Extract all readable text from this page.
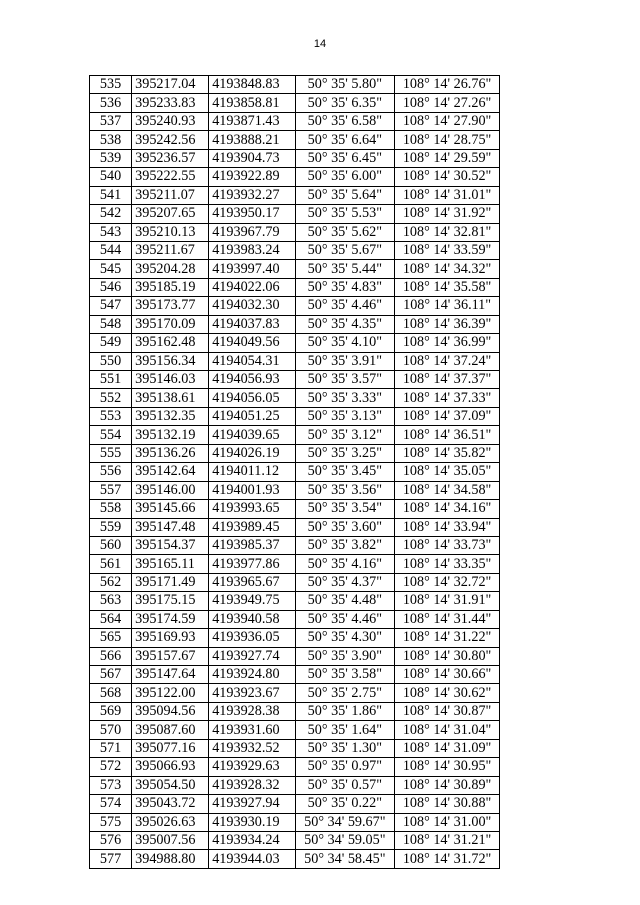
14
535	395217.04	4193848.83	50° 35' 5.80"	108° 14' 26.76"
536	395233.83	4193858.81	50° 35' 6.35"	108° 14' 27.26"
537	395240.93	4193871.43	50° 35' 6.58"	108° 14' 27.90"
538	395242.56	4193888.21	50° 35' 6.64"	108° 14' 28.75"
539	395236.57	4193904.73	50° 35' 6.45"	108° 14' 29.59"
540	395222.55	4193922.89	50° 35' 6.00"	108° 14' 30.52"
541	395211.07	4193932.27	50° 35' 5.64"	108° 14' 31.01"
542	395207.65	4193950.17	50° 35' 5.53"	108° 14' 31.92"
543	395210.13	4193967.79	50° 35' 5.62"	108° 14' 32.81"
544	395211.67	4193983.24	50° 35' 5.67"	108° 14' 33.59"
545	395204.28	4193997.40	50° 35' 5.44"	108° 14' 34.32"
546	395185.19	4194022.06	50° 35' 4.83"	108° 14' 35.58"
547	395173.77	4194032.30	50° 35' 4.46"	108° 14' 36.11"
548	395170.09	4194037.83	50° 35' 4.35"	108° 14' 36.39"
549	395162.48	4194049.56	50° 35' 4.10"	108° 14' 36.99"
550	395156.34	4194054.31	50° 35' 3.91"	108° 14' 37.24"
551	395146.03	4194056.93	50° 35' 3.57"	108° 14' 37.37"
552	395138.61	4194056.05	50° 35' 3.33"	108° 14' 37.33"
553	395132.35	4194051.25	50° 35' 3.13"	108° 14' 37.09"
554	395132.19	4194039.65	50° 35' 3.12"	108° 14' 36.51"
555	395136.26	4194026.19	50° 35' 3.25"	108° 14' 35.82"
556	395142.64	4194011.12	50° 35' 3.45"	108° 14' 35.05"
557	395146.00	4194001.93	50° 35' 3.56"	108° 14' 34.58"
558	395145.66	4193993.65	50° 35' 3.54"	108° 14' 34.16"
559	395147.48	4193989.45	50° 35' 3.60"	108° 14' 33.94"
560	395154.37	4193985.37	50° 35' 3.82"	108° 14' 33.73"
561	395165.11	4193977.86	50° 35' 4.16"	108° 14' 33.35"
562	395171.49	4193965.67	50° 35' 4.37"	108° 14' 32.72"
563	395175.15	4193949.75	50° 35' 4.48"	108° 14' 31.91"
564	395174.59	4193940.58	50° 35' 4.46"	108° 14' 31.44"
565	395169.93	4193936.05	50° 35' 4.30"	108° 14' 31.22"
566	395157.67	4193927.74	50° 35' 3.90"	108° 14' 30.80"
567	395147.64	4193924.80	50° 35' 3.58"	108° 14' 30.66"
568	395122.00	4193923.67	50° 35' 2.75"	108° 14' 30.62"
569	395094.56	4193928.38	50° 35' 1.86"	108° 14' 30.87"
570	395087.60	4193931.60	50° 35' 1.64"	108° 14' 31.04"
571	395077.16	4193932.52	50° 35' 1.30"	108° 14' 31.09"
572	395066.93	4193929.63	50° 35' 0.97"	108° 14' 30.95"
573	395054.50	4193928.32	50° 35' 0.57"	108° 14' 30.89"
574	395043.72	4193927.94	50° 35' 0.22"	108° 14' 30.88"
575	395026.63	4193930.19	50° 34' 59.67"	108° 14' 31.00"
576	395007.56	4193934.24	50° 34' 59.05"	108° 14' 31.21"
577	394988.80	4193944.03	50° 34' 58.45"	108° 14' 31.72"
